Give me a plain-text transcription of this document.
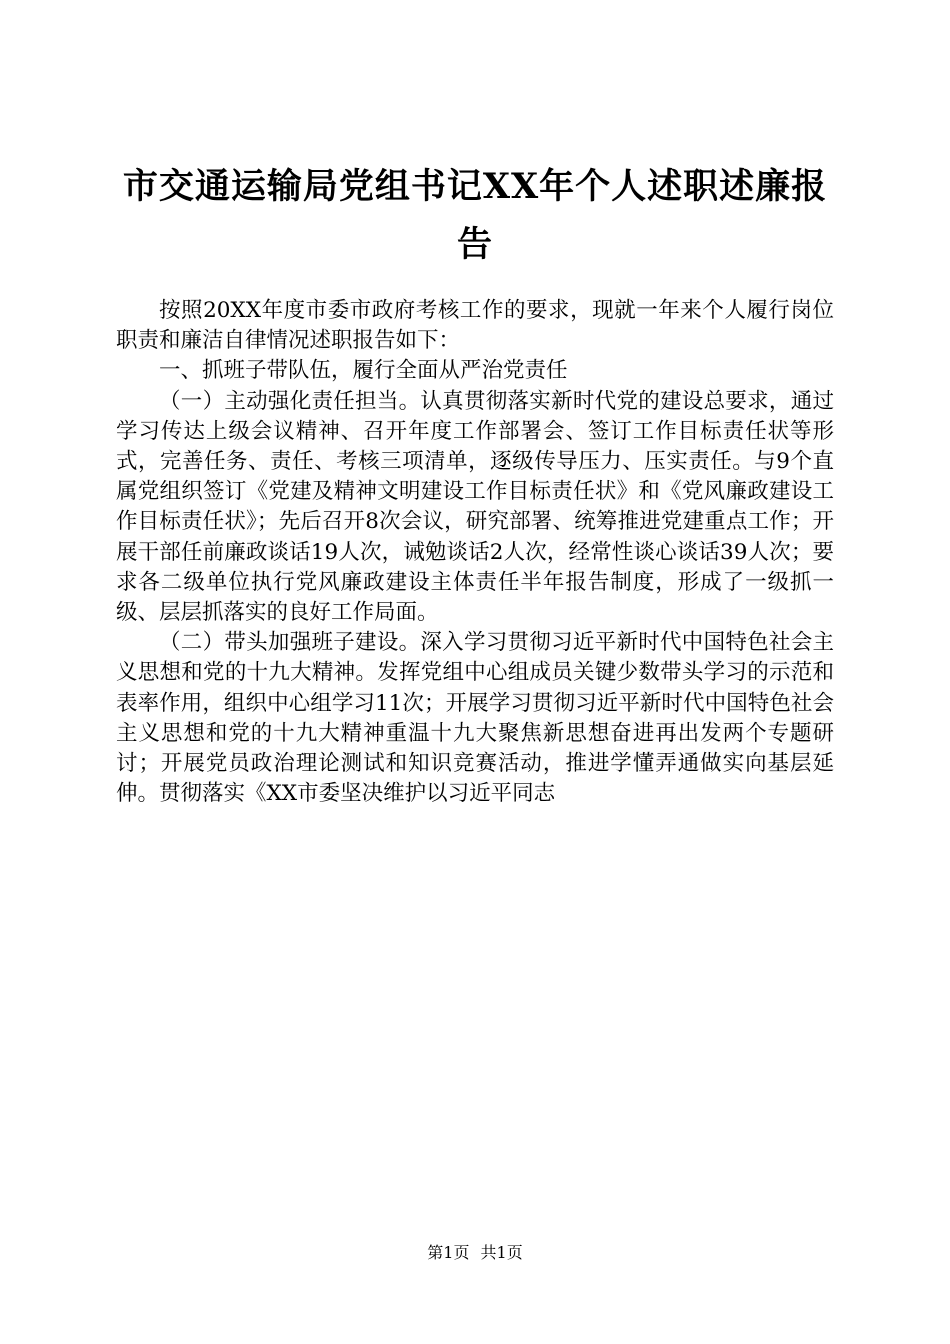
市交通运输局党组书记XX年个人述职述廉报告

按照20XX年度市委市政府考核工作的要求，现就一年来个人履行岗位职责和廉洁自律情况述职报告如下：

一、抓班子带队伍，履行全面从严治党责任

（一）主动强化责任担当。认真贯彻落实新时代党的建设总要求，通过学习传达上级会议精神、召开年度工作部署会、签订工作目标责任状等形式，完善任务、责任、考核三项清单，逐级传导压力、压实责任。与9个直属党组织签订《党建及精神文明建设工作目标责任状》和《党风廉政建设工作目标责任状》；先后召开8次会议，研究部署、统筹推进党建重点工作；开展干部任前廉政谈话19人次，诫勉谈话2人次，经常性谈心谈话39人次；要求各二级单位执行党风廉政建设主体责任半年报告制度，形成了一级抓一级、层层抓落实的良好工作局面。

（二）带头加强班子建设。深入学习贯彻习近平新时代中国特色社会主义思想和党的十九大精神。发挥党组中心组成员关键少数带头学习的示范和表率作用，组织中心组学习11次；开展学习贯彻习近平新时代中国特色社会主义思想和党的十九大精神重温十九大聚焦新思想奋进再出发两个专题研讨；开展党员政治理论测试和知识竞赛活动，推进学懂弄通做实向基层延伸。贯彻落实《XX市委坚决维护以习近平同志

第1页 共1页
